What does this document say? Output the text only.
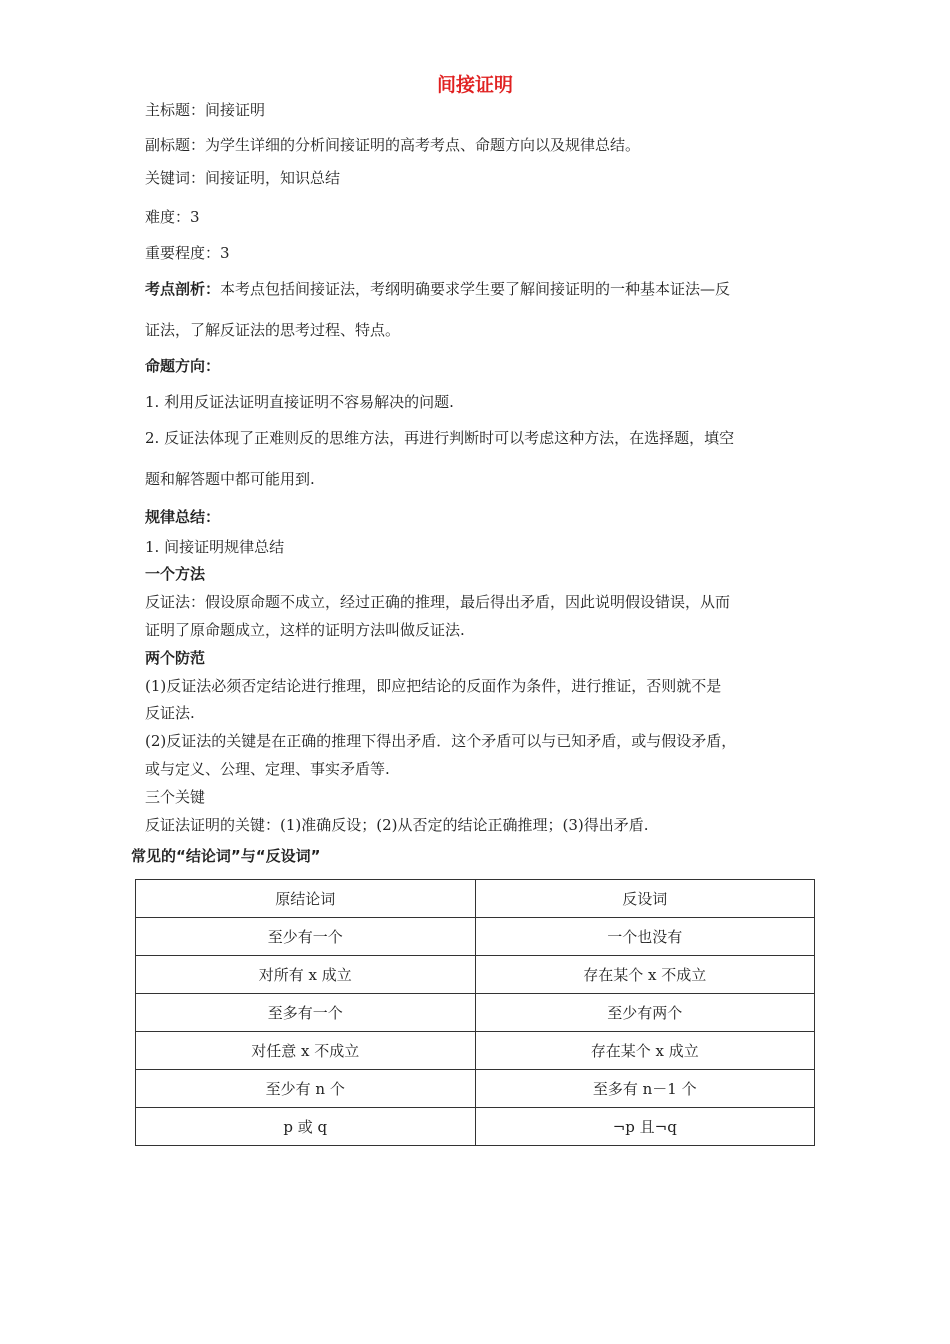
间接证明
主标题：间接证明
副标题：为学生详细的分析间接证明的高考考点、命题方向以及规律总结。
关键词：间接证明，知识总结
难度：3
重要程度：3
考点剖析：本考点包括间接证法，考纲明确要求学生要了解间接证明的一种基本证法—反
证法，了解反证法的思考过程、特点。
命题方向：
1. 利用反证法证明直接证明不容易解决的问题.
2. 反证法体现了正难则反的思维方法，再进行判断时可以考虑这种方法，在选择题，填空
题和解答题中都可能用到.
规律总结：
1. 间接证明规律总结
一个方法
反证法：假设原命题不成立，经过正确的推理，最后得出矛盾，因此说明假设错误，从而
证明了原命题成立，这样的证明方法叫做反证法.
两个防范
(1)反证法必须否定结论进行推理，即应把结论的反面作为条件，进行推证，否则就不是
反证法.
(2)反证法的关键是在正确的推理下得出矛盾．这个矛盾可以与已知矛盾，或与假设矛盾，
或与定义、公理、定理、事实矛盾等.
三个关键
反证法证明的关键：(1)准确反设；(2)从否定的结论正确推理；(3)得出矛盾.
常见的“结论词”与“反设词”
原结论词	反设词
至少有一个	一个也没有
对所有 x 成立	存在某个 x 不成立
至多有一个	至少有两个
对任意 x 不成立	存在某个 x 成立
至少有 n 个	至多有 n－1 个
p 或 q	¬p 且¬q
